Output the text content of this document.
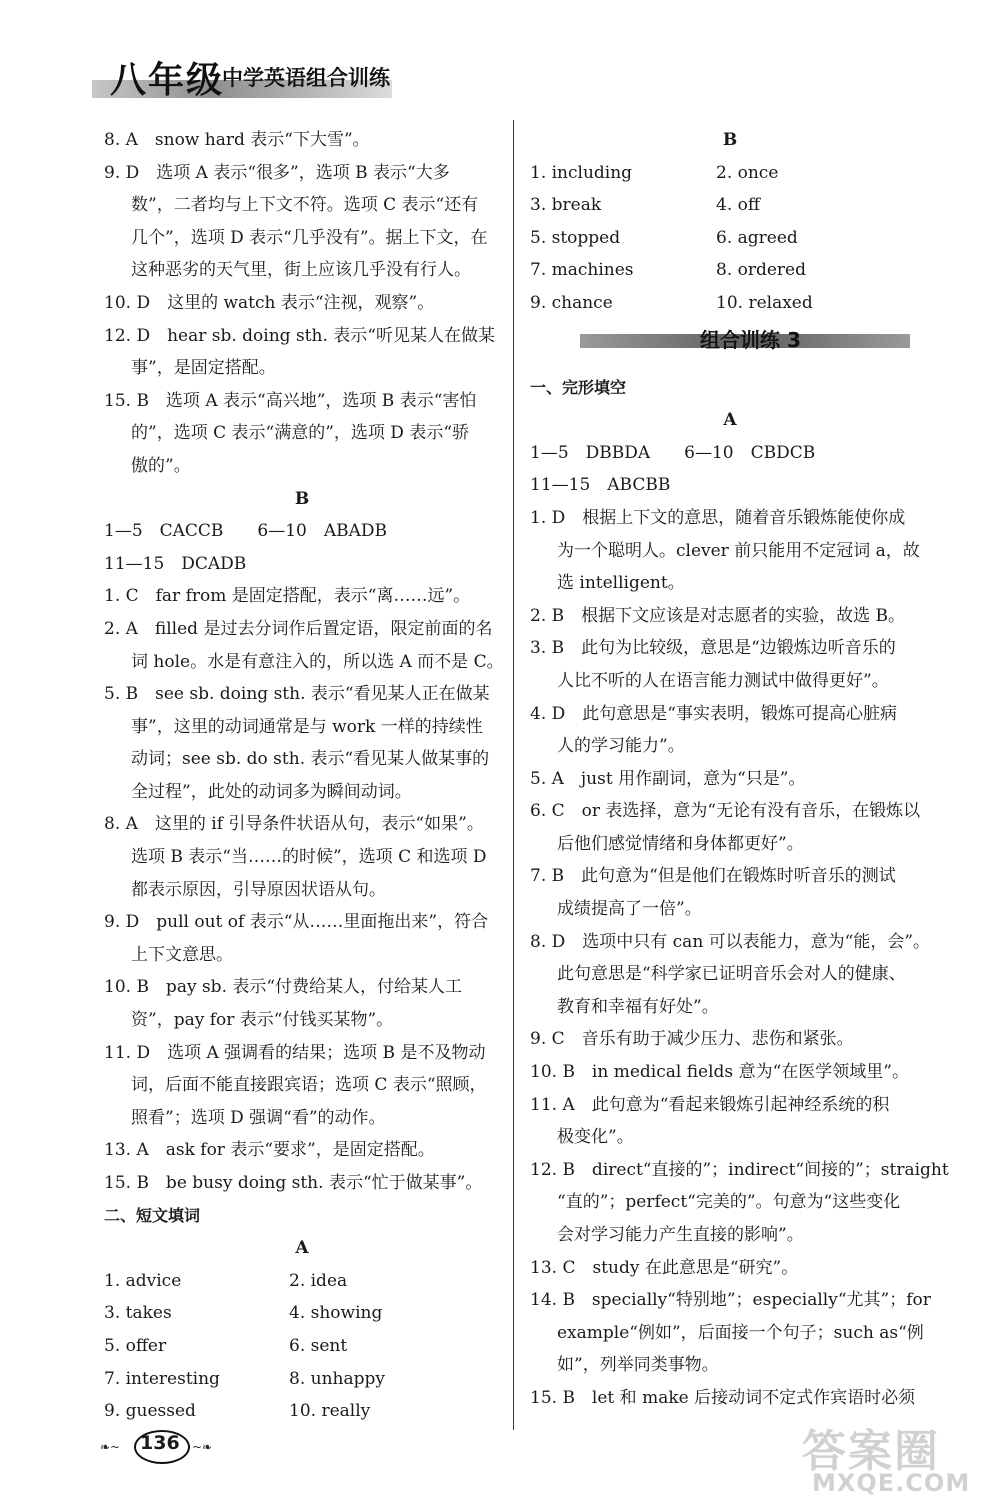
八年级
中学英语组合训练
8. A　snow hard 表示“下大雪”。
9. D　选项 A 表示“很多”，选项 B 表示“大多
数”，二者均与上下文不符。选项 C 表示“还有
几个”，选项 D 表示“几乎没有”。据上下文，在
这种恶劣的天气里，街上应该几乎没有行人。
10. D　这里的 watch 表示“注视，观察”。
12. D　hear sb. doing sth. 表示“听见某人在做某
事”，是固定搭配。
15. B　选项 A 表示“高兴地”，选项 B 表示“害怕
的”，选项 C 表示“满意的”，选项 D 表示“骄
傲的”。
B
1—5　CACCB　　6—10　ABADB
11—15　DCADB
1. C　far from 是固定搭配，表示“离……远”。
2. A　filled 是过去分词作后置定语，限定前面的名
词 hole。水是有意注入的，所以选 A 而不是 C。
5. B　see sb. doing sth. 表示“看见某人正在做某
事”，这里的动词通常是与 work 一样的持续性
动词；see sb. do sth. 表示“看见某人做某事的
全过程”，此处的动词多为瞬间动词。
8. A　这里的 if 引导条件状语从句，表示“如果”。
选项 B 表示“当……的时候”，选项 C 和选项 D
都表示原因，引导原因状语从句。
9. D　pull out of 表示“从……里面拖出来”，符合
上下文意思。
10. B　pay sb. 表示“付费给某人，付给某人工
资”，pay for 表示“付钱买某物”。
11. D　选项 A 强调看的结果；选项 B 是不及物动
词，后面不能直接跟宾语；选项 C 表示“照顾，
照看”；选项 D 强调“看”的动作。
13. A　ask for 表示“要求”，是固定搭配。
15. B　be busy doing sth. 表示“忙于做某事”。
二、短文填词
A
1. advice	2. idea
3. takes	4. showing
5. offer	6. sent
7. interesting	8. unhappy
9. guessed	10. really
B
1. including	2. once
3. break	4. off
5. stopped	6. agreed
7. machines	8. ordered
9. chance	10. relaxed
组合训练 3
一、完形填空
A
1—5　DBBDA　　6—10　CBDCB
11—15　ABCBB
1. D　根据上下文的意思，随着音乐锻炼能使你成
为一个聪明人。clever 前只能用不定冠词 a，故
选 intelligent。
2. B　根据下文应该是对志愿者的实验，故选 B。
3. B　此句为比较级，意思是“边锻炼边听音乐的
人比不听的人在语言能力测试中做得更好”。
4. D　此句意思是“事实表明，锻炼可提高心脏病
人的学习能力”。
5. A　just 用作副词，意为“只是”。
6. C　or 表选择，意为“无论有没有音乐，在锻炼以
后他们感觉情绪和身体都更好”。
7. B　此句意为“但是他们在锻炼时听音乐的测试
成绩提高了一倍”。
8. D　选项中只有 can 可以表能力，意为“能，会”。
此句意思是“科学家已证明音乐会对人的健康、
教育和幸福有好处”。
9. C　音乐有助于减少压力、悲伤和紧张。
10. B　in medical fields 意为“在医学领域里”。
11. A　此句意为“看起来锻炼引起神经系统的积
极变化”。
12. B　direct“直接的”；indirect“间接的”；straight
“直的”；perfect“完美的”。句意为“这些变化
会对学习能力产生直接的影响”。
13. C　study 在此意思是“研究”。
14. B　specially“特别地”；especially“尤其”；for
example“例如”，后面接一个句子；such as“例
如”，列举同类事物。
15. B　let 和 make 后接动词不定式作宾语时必须
❧~ 136 ~❧	答案圈
MXQE.COM
